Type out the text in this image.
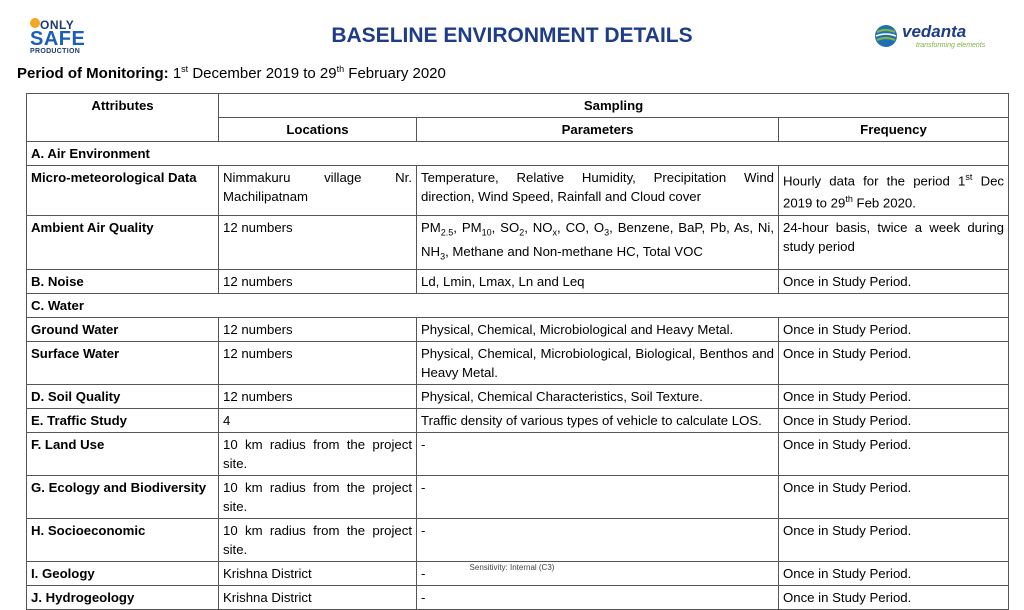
ONLY
SAFE
PRODUCTION
BASELINE ENVIRONMENT DETAILS	vedanta
transforming elements
Period of Monitoring: 1st December 2019 to 29th February 2020
Attributes	Sampling		
	Locations	Parameters	Frequency
A. Air Environment			
Micro-meteorological Data	Nimmakuru village Nr. Machilipatnam	Temperature, Relative Humidity, Precipitation Wind direction, Wind Speed, Rainfall and Cloud cover	Hourly data for the period 1st Dec 2019 to 29th Feb 2020.
Ambient Air Quality	12 numbers	$PM_{2.5}$, $PM_{10}$, $SO_2$, $NO_x$, CO, $O_3$, Benzene, BaP, Pb, As, Ni, $NH_3$, Methane and Non-methane HC, Total VOC	24-hour basis, twice a week during study period
B. Noise	12 numbers	Ld, Lmin, Lmax, Ln and Leq	Once in Study Period.
C. Water			
Ground Water	12 numbers	Physical, Chemical, Microbiological and Heavy Metal.	Once in Study Period.
Surface Water	12 numbers	Physical, Chemical, Microbiological, Biological, Benthos and Heavy Metal.	Once in Study Period.
D. Soil Quality	12 numbers	Physical, Chemical Characteristics, Soil Texture.	Once in Study Period.
E. Traffic Study	4	Traffic density of various types of vehicle to calculate LOS.	Once in Study Period.
F. Land Use	10 km radius from the project site.	-	Once in Study Period.
G. Ecology and Biodiversity	10 km radius from the project site.	-	Once in Study Period.
H. Socioeconomic	10 km radius from the project site.	-	Once in Study Period.
I. Geology	Krishna District	-	Once in Study Period.
J. Hydrogeology	Krishna District	-	Once in Study Period.
Sensitivity: Internal (C3)
